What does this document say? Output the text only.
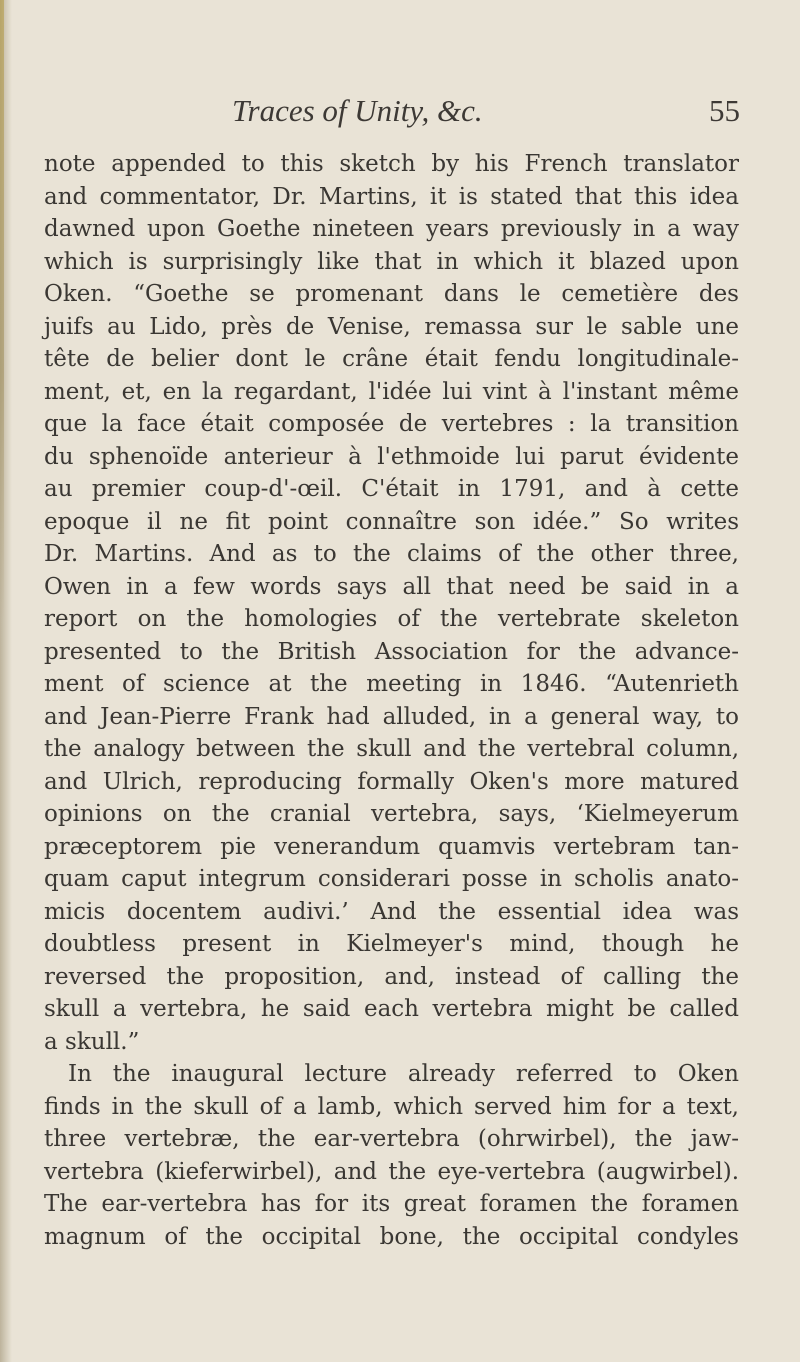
Traces of Unity, &c.	55
note appended to this sketch by his French translator
and commentator, Dr. Martins, it is stated that this idea
dawned upon Goethe nineteen years previously in a way
which is surprisingly like that in which it blazed upon
Oken. “Goethe se promenant dans le cemetière des
juifs au Lido, près de Venise, remassa sur le sable une
tête de belier dont le crâne était fendu longitudinale-
ment, et, en la regardant, l'idée lui vint à l'instant même
que la face était composée de vertebres : la transition
du sphenoïde anterieur à l'ethmoide lui parut évidente
au premier coup-d'-œil. C'était in 1791, and à cette
epoque il ne fit point connaître son idée.” So writes
Dr. Martins. And as to the claims of the other three,
Owen in a few words says all that need be said in a
report on the homologies of the vertebrate skeleton
presented to the British Association for the advance-
ment of science at the meeting in 1846. “Autenrieth
and Jean-Pierre Frank had alluded, in a general way, to
the analogy between the skull and the vertebral column,
and Ulrich, reproducing formally Oken's more matured
opinions on the cranial vertebra, says, ‘Kielmeyerum
præceptorem pie venerandum quamvis vertebram tan-
quam caput integrum considerari posse in scholis anato-
micis docentem audivi.’ And the essential idea was
doubtless present in Kielmeyer's mind, though he
reversed the proposition, and, instead of calling the
skull a vertebra, he said each vertebra might be called
a skull.”
In the inaugural lecture already referred to Oken
finds in the skull of a lamb, which served him for a text,
three vertebræ, the ear-vertebra (ohrwirbel), the jaw-
vertebra (kieferwirbel), and the eye-vertebra (augwirbel).
The ear-vertebra has for its great foramen the foramen
magnum of the occipital bone, the occipital condyles
